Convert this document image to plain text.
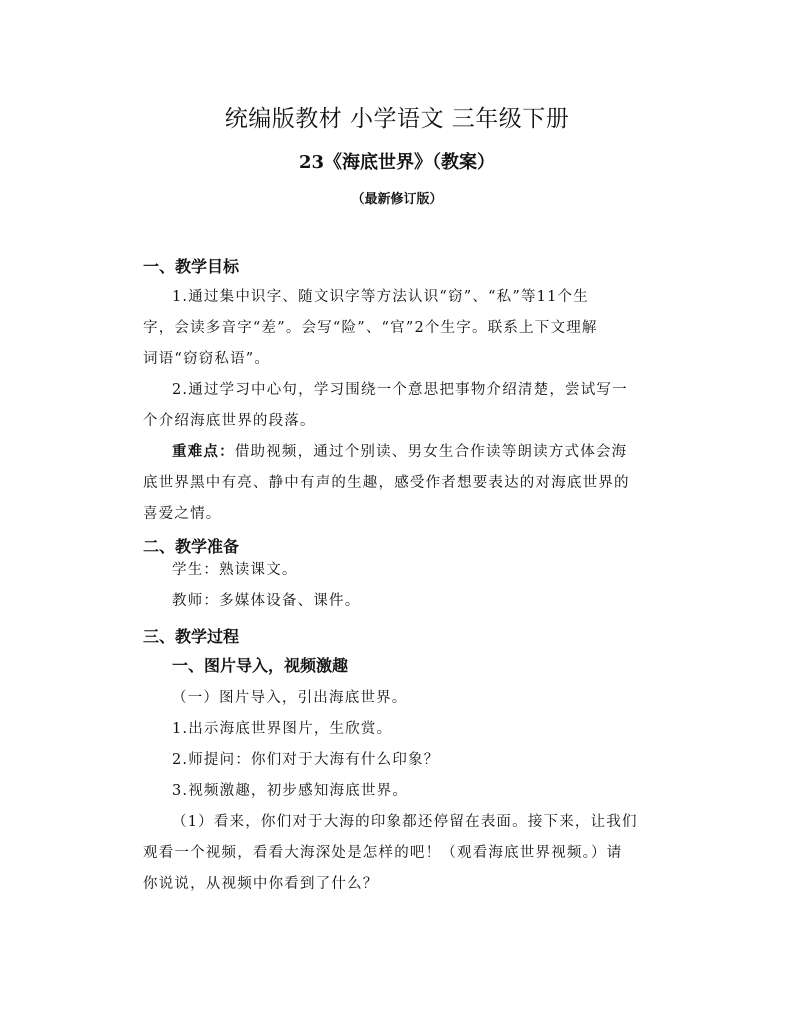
统编版教材 小学语文 三年级下册
23《海底世界》（教案）
（最新修订版）
一、教学目标
1.通过集中识字、随文识字等方法认识“窃”、“私”等11个生
字，会读多音字“差”。会写“险”、“官”2个生字。联系上下文理解
词语“窃窃私语”。
2.通过学习中心句，学习围绕一个意思把事物介绍清楚，尝试写一
个介绍海底世界的段落。
重难点：借助视频，通过个别读、男女生合作读等朗读方式体会海
底世界黑中有亮、静中有声的生趣，感受作者想要表达的对海底世界的
喜爱之情。
二、教学准备
学生：熟读课文。
教师：多媒体设备、课件。
三、教学过程
一、图片导入，视频激趣
（一）图片导入，引出海底世界。
1.出示海底世界图片，生欣赏。
2.师提问：你们对于大海有什么印象？
3.视频激趣，初步感知海底世界。
（1）看来，你们对于大海的印象都还停留在表面。接下来，让我们
观看一个视频，看看大海深处是怎样的吧！（观看海底世界视频。）请
你说说，从视频中你看到了什么？
